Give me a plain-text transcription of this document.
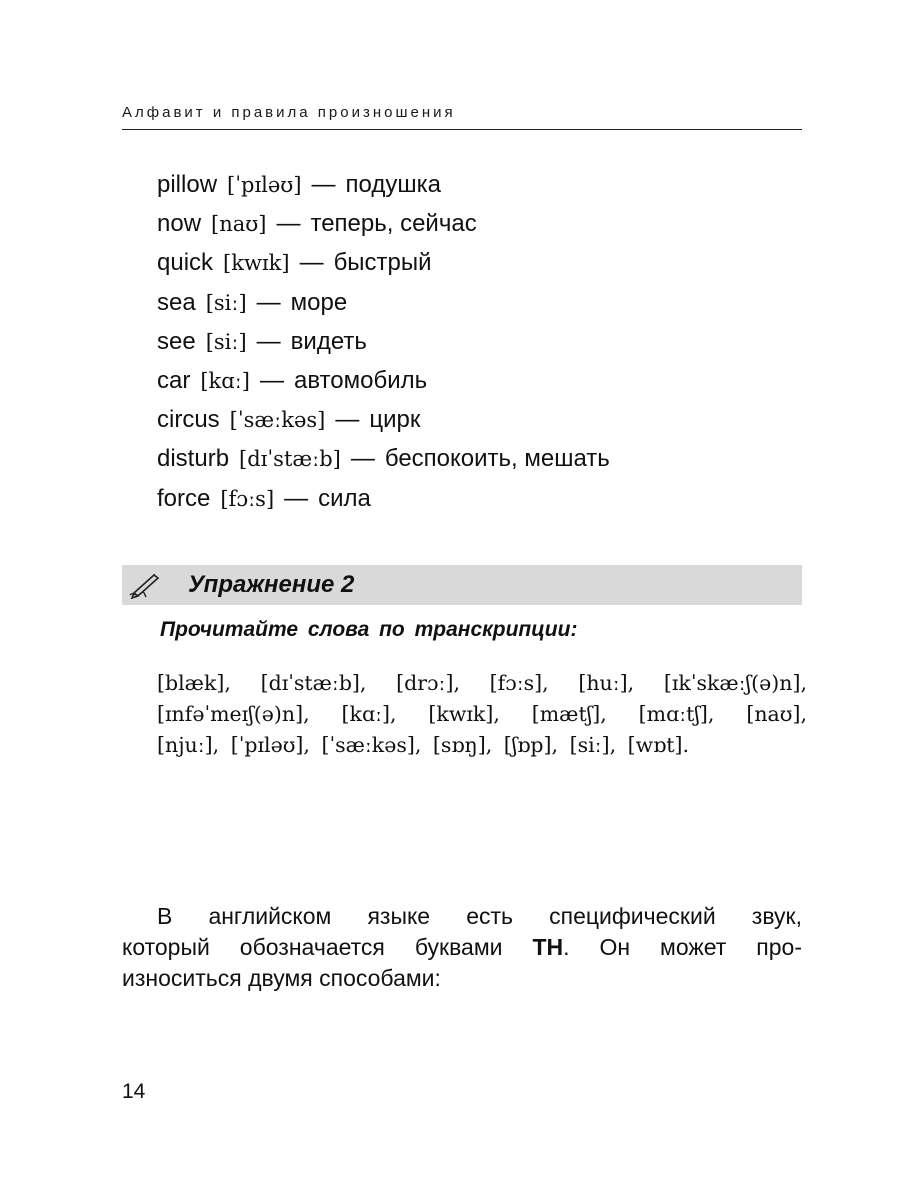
Алфавит и правила произношения
pillow [ˈpɪləʊ] — подушка
now [naʊ] — теперь, сейчас
quick [kwɪk] — быстрый
sea [siː] — море
see [siː] — видеть
car [kɑː] — автомобиль
circus [ˈsæːkəs] — цирк
disturb [dɪˈstæːb] — беспокоить, мешать
force [fɔːs] — сила
Упражнение 2
Прочитайте слова по транскрипции:
[blæk], [dɪˈstæːb], [drɔː], [fɔːs], [huː], [ɪkˈskæːʃ(ə)n],
[ɪnfəˈmeɪʃ(ə)n], [kɑː], [kwɪk], [mætʃ], [mɑːtʃ], [naʊ],
[njuː], [ˈpɪləʊ], [ˈsæːkəs], [sɒŋ], [ʃɒp], [siː], [wɒt].
В английском языке есть специфический звук,
который обозначается буквами TH. Он может про-
износиться двумя способами:
14
